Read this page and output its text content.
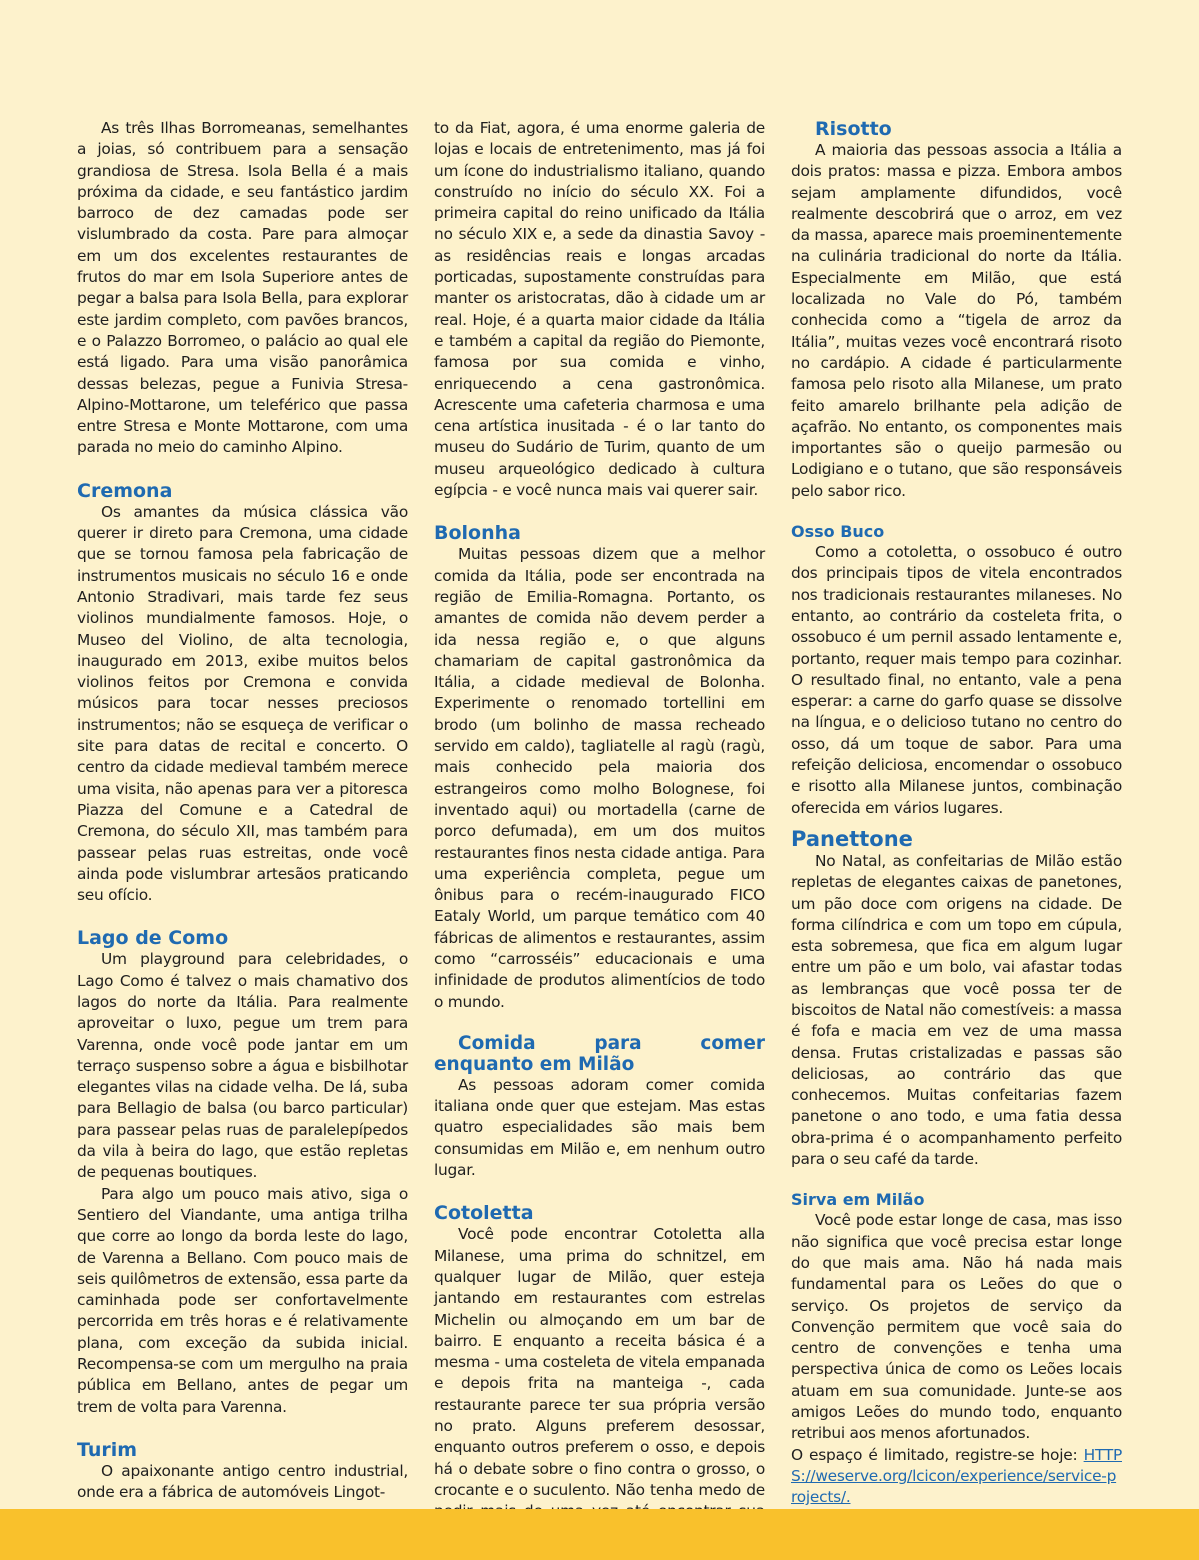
As três Ilhas Borromeanas, semelhantes a joias, só contribuem para a sensação grandiosa de Stresa. Isola Bella é a mais próxima da cidade, e seu fantástico jardim barroco de dez camadas pode ser vislumbrado da costa. Pare para almoçar em um dos excelentes restaurantes de frutos do mar em Isola Superiore antes de pegar a balsa para Isola Bella, para explorar este jardim completo, com pavões brancos, e o Palazzo Borromeo, o palácio ao qual ele está ligado. Para uma visão panorâmica dessas belezas, pegue a Funivia Stresa-Alpino-Mottarone, um teleférico que passa entre Stresa e Monte Mottarone, com uma parada no meio do caminho Alpino.

Cremona

Os amantes da música clássica vão querer ir direto para Cremona, uma cidade que se tornou famosa pela fabricação de instrumentos musicais no século 16 e onde Antonio Stradivari, mais tarde fez seus violinos mundialmente famosos. Hoje, o Museo del Violino, de alta tecnologia, inaugurado em 2013, exibe muitos belos violinos feitos por Cremona e convida músicos para tocar nesses preciosos instrumentos; não se esqueça de verificar o site para datas de recital e concerto. O centro da cidade medieval também merece uma visita, não apenas para ver a pitoresca Piazza del Comune e a Catedral de Cremona, do século XII, mas também para passear pelas ruas estreitas, onde você ainda pode vislumbrar artesãos praticando seu ofício.

Lago de Como

Um playground para celebridades, o Lago Como é talvez o mais chamativo dos lagos do norte da Itália. Para realmente aproveitar o luxo, pegue um trem para Varenna, onde você pode jantar em um terraço suspenso sobre a água e bisbilhotar elegantes vilas na cidade velha. De lá, suba para Bellagio de balsa (ou barco particular) para passear pelas ruas de paralelepípedos da vila à beira do lago, que estão repletas de pequenas boutiques.

Para algo um pouco mais ativo, siga o Sentiero del Viandante, uma antiga trilha que corre ao longo da borda leste do lago, de Varenna a Bellano. Com pouco mais de seis quilômetros de extensão, essa parte da caminhada pode ser confortavelmente percorrida em três horas e é relativamente plana, com exceção da subida inicial. Recompensa-se com um mergulho na praia pública em Bellano, antes de pegar um trem de volta para Varenna.

Turim

O apaixonante antigo centro industrial, onde era a fábrica de automóveis Lingot-

to da Fiat, agora, é uma enorme galeria de lojas e locais de entretenimento, mas já foi um ícone do industrialismo italiano, quando construído no início do século XX. Foi a primeira capital do reino unificado da Itália no século XIX e, a sede da dinastia Savoy - as residências reais e longas arcadas porticadas, supostamente construídas para manter os aristocratas, dão à cidade um ar real. Hoje, é a quarta maior cidade da Itália e também a capital da região do Piemonte, famosa por sua comida e vinho, enriquecendo a cena gastronômica. Acrescente uma cafeteria charmosa e uma cena artística inusitada - é o lar tanto do museu do Sudário de Turim, quanto de um museu arqueológico dedicado à cultura egípcia - e você nunca mais vai querer sair.

Bolonha

Muitas pessoas dizem que a melhor comida da Itália, pode ser encontrada na região de Emilia-Romagna. Portanto, os amantes de comida não devem perder a ida nessa região e, o que alguns chamariam de capital gastronômica da Itália, a cidade medieval de Bolonha. Experimente o renomado tortellini em brodo (um bolinho de massa recheado servido em caldo), tagliatelle al ragù (ragù, mais conhecido pela maioria dos estrangeiros como molho Bolognese, foi inventado aqui) ou mortadella (carne de porco defumada), em um dos muitos restaurantes finos nesta cidade antiga. Para uma experiência completa, pegue um ônibus para o recém-inaugurado FICO Eataly World, um parque temático com 40 fábricas de alimentos e restaurantes, assim como “carrosséis” educacionais e uma infinidade de produtos alimentícios de todo o mundo.

Comida para comer enquanto em Milão

As pessoas adoram comer comida italiana onde quer que estejam. Mas estas quatro especialidades são mais bem consumidas em Milão e, em nenhum outro lugar.

Cotoletta

Você pode encontrar Cotoletta alla Milanese, uma prima do schnitzel, em qualquer lugar de Milão, quer esteja jantando em restaurantes com estrelas Michelin ou almoçando em um bar de bairro. E enquanto a receita básica é a mesma - uma costeleta de vitela empanada e depois frita na manteiga -, cada restaurante parece ter sua própria versão no prato. Alguns preferem desossar, enquanto outros preferem o osso, e depois há o debate sobre o fino contra o grosso, o crocante e o suculento. Não tenha medo de

Risotto

A maioria das pessoas associa a Itália a dois pratos: massa e pizza. Embora ambos sejam amplamente difundidos, você realmente descobrirá que o arroz, em vez da massa, aparece mais proeminentemente na culinária tradicional do norte da Itália. Especialmente em Milão, que está localizada no Vale do Pó, também conhecida como a “tigela de arroz da Itália”, muitas vezes você encontrará risoto no cardápio. A cidade é particularmente famosa pelo risoto alla Milanese, um prato feito amarelo brilhante pela adição de açafrão. No entanto, os componentes mais importantes são o queijo parmesão ou Lodigiano e o tutano, que são responsáveis pelo sabor rico.

Osso Buco

Como a cotoletta, o ossobuco é outro dos principais tipos de vitela encontrados nos tradicionais restaurantes milaneses. No entanto, ao contrário da costeleta frita, o ossobuco é um pernil assado lentamente e, portanto, requer mais tempo para cozinhar. O resultado final, no entanto, vale a pena esperar: a carne do garfo quase se dissolve na língua, e o delicioso tutano no centro do osso, dá um toque de sabor. Para uma refeição deliciosa, encomendar o ossobuco e risotto alla Milanese juntos, combinação oferecida em vários lugares.

Panettone

No Natal, as confeitarias de Milão estão repletas de elegantes caixas de panetones, um pão doce com origens na cidade. De forma cilíndrica e com um topo em cúpula, esta sobremesa, que fica em algum lugar entre um pão e um bolo, vai afastar todas as lembranças que você possa ter de biscoitos de Natal não comestíveis: a massa é fofa e macia em vez de uma massa densa. Frutas cristalizadas e passas são deliciosas, ao contrário das que conhecemos. Muitas confeitarias fazem panetone o ano todo, e uma fatia dessa obra-prima é o acompanhamento perfeito para o seu café da tarde.

Sirva em Milão

Você pode estar longe de casa, mas isso não significa que você precisa estar longe do que mais ama. Não há nada mais fundamental para os Leões do que o serviço. Os projetos de serviço da Convenção permitem que você saia do centro de convenções e tenha uma perspectiva única de como os Leões locais atuam em sua comunidade. Junte-se aos amigos Leões do mundo todo, enquanto retribui aos menos afortunados.

O espaço é limitado, registre-se hoje: HTTPS://weserve.org/lcicon/experience/service-projects/.
